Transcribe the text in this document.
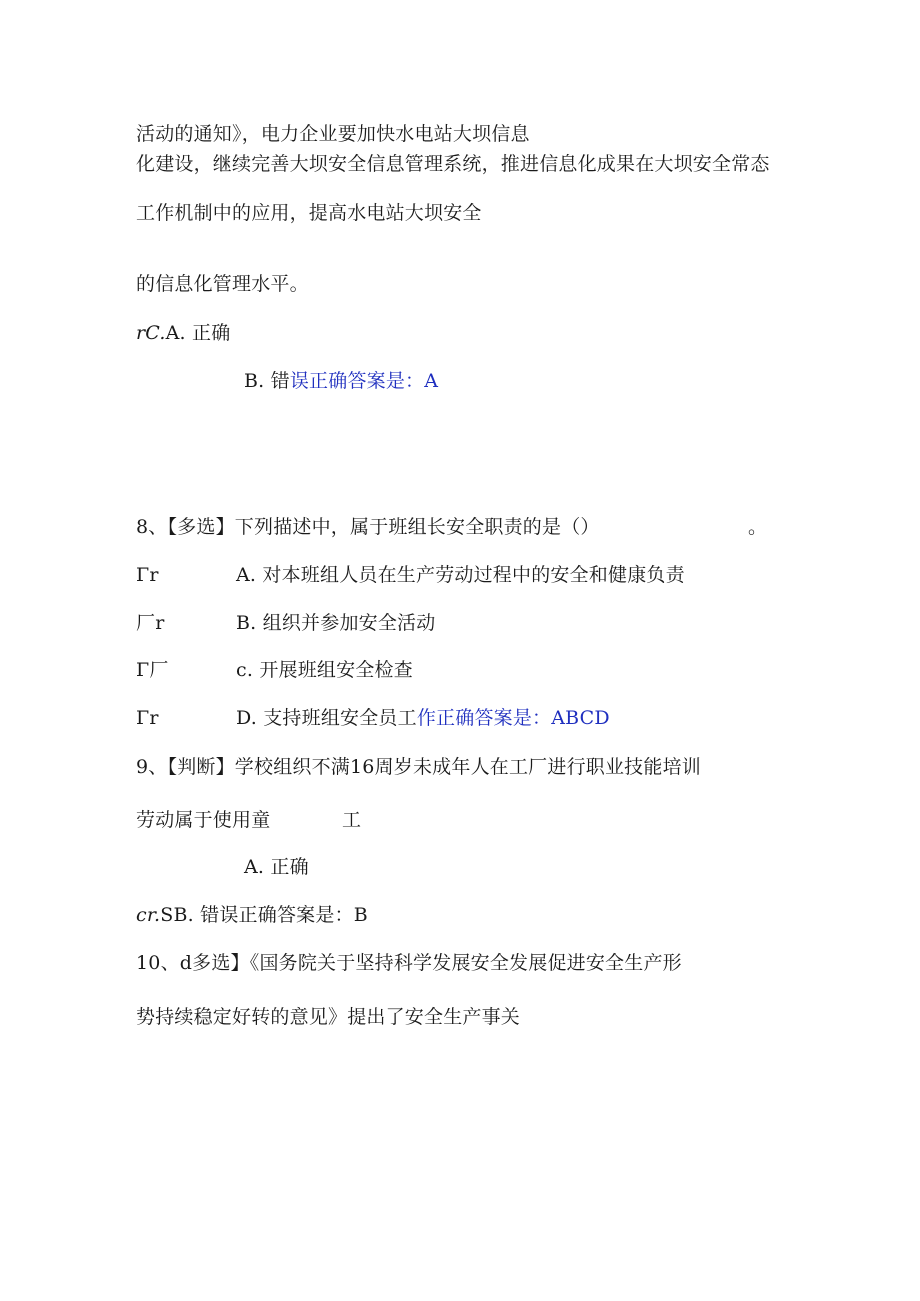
活动的通知》，电力企业要加快水电站大坝信息
化建设，继续完善大坝安全信息管理系统，推进信息化成果在大坝安全常态
工作机制中的应用，提高水电站大坝安全
的信息化管理水平。
rC.A. 正确
B. 错误正确答案是：A
8、【多选】下列描述中，属于班组长安全职责的是（）	。
Γr	A. 对本班组人员在生产劳动过程中的安全和健康负责
厂r	B. 组织并参加安全活动
Γ厂	c. 开展班组安全检查
Γr	D. 支持班组安全员工作正确答案是：ABCD
9、【判断】学校组织不满16周岁未成年人在工厂进行职业技能培训
劳动属于使用童	工
A. 正确
cr.SB. 错误正确答案是：B
10、d多选】《国务院关于坚持科学发展安全发展促进安全生产形
势持续稳定好转的意见》提出了安全生产事关
